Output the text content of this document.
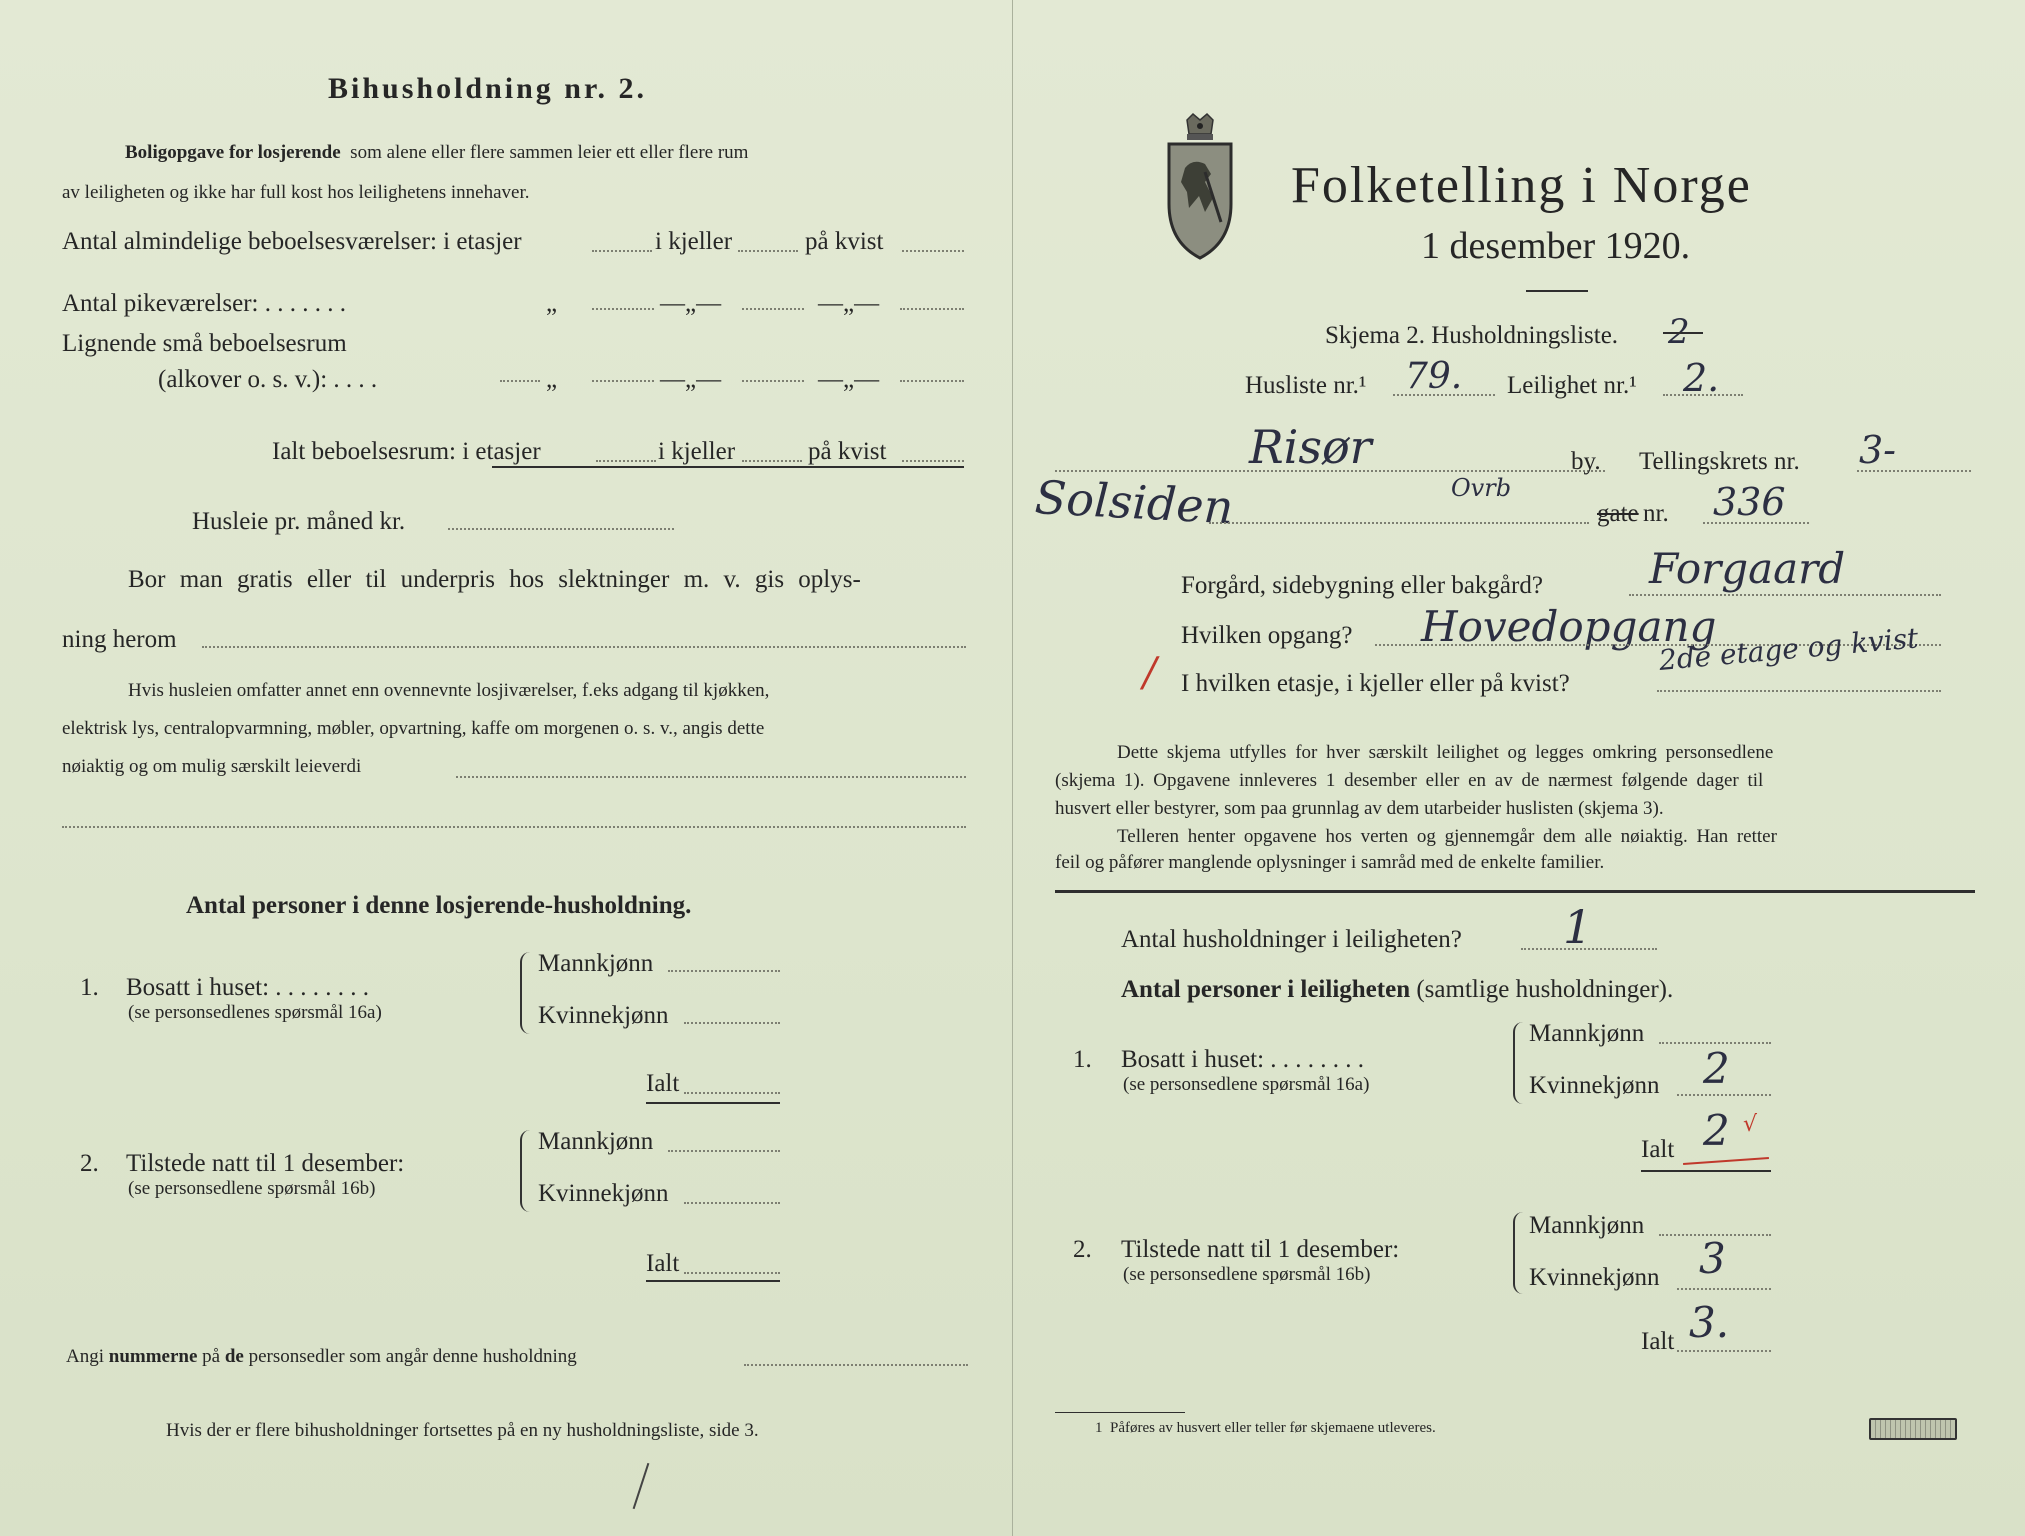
Bihusholdning nr. 2.
Boligopgave for losjerende som alene eller flere sammen leier ett eller flere rum
av leiligheten og ikke har full kost hos leilighetens innehaver.
Antal almindelige beboelsesværelser: i etasjer	i kjeller	på kvist
Antal pikeværelser: . . . . . . .	„	—„—	—„—
Lignende små beboelsesrum
(alkover o. s. v.): . . . .	„	—„—	—„—
Ialt beboelsesrum: i etasjer	i kjeller	på kvist
Husleie pr. måned kr.
Bor man gratis eller til underpris hos slektninger m. v. gis oplys-
ning herom
Hvis husleien omfatter annet enn ovennevnte losjiværelser, f.eks adgang til kjøkken,
elektrisk lys, centralopvarmning, møbler, opvartning, kaffe om morgenen o. s. v., angis dette
nøiaktig og om mulig særskilt leieverdi
Antal personer i denne losjerende-husholdning.
1. Bosatt i huset: . . . . . . . .
(se personsedlenes spørsmål 16a)
Mannkjønn
Kvinnekjønn
Ialt
2. Tilstede natt til 1 desember:
(se personsedlene spørsmål 16b)
Mannkjønn
Kvinnekjønn
Ialt
Angi nummerne på de personsedler som angår denne husholdning
Hvis der er flere bihusholdninger fortsettes på en ny husholdningsliste, side 3.
Folketelling i Norge
1 desember 1920.
Skjema 2. Husholdningsliste. 2
Husliste nr.¹ 79. Leilighet nr.¹ 2.
Risør	by. Tellingskrets nr. 3-
Solsiden	Ovrb
gate nr. 336
Forgård, sidebygning eller bakgård?	Forgaard
Hvilken opgang? Hovedopgang
/ I hvilken etasje, i kjeller eller på kvist?
2de etage og kvist
Dette skjema utfylles for hver særskilt leilighet og legges omkring personsedlene
(skjema 1). Opgavene innleveres 1 desember eller en av de nærmest følgende dager til
husvert eller bestyrer, som paa grunnlag av dem utarbeider huslisten (skjema 3).
Telleren henter opgavene hos verten og gjennemgår dem alle nøiaktig. Han retter
feil og påfører manglende oplysninger i samråd med de enkelte familier.
Antal husholdninger i leiligheten? 1
Antal personer i leiligheten (samtlige husholdninger).
1. Bosatt i huset: . . . . . . . .
(se personsedlene spørsmål 16a)
Mannkjønn
Kvinnekjønn 2
Ialt 2 √
2. Tilstede natt til 1 desember:
(se personsedlene spørsmål 16b)
Mannkjønn
Kvinnekjønn 3
Ialt 3.
1 Påføres av husvert eller teller før skjemaene utleveres.
